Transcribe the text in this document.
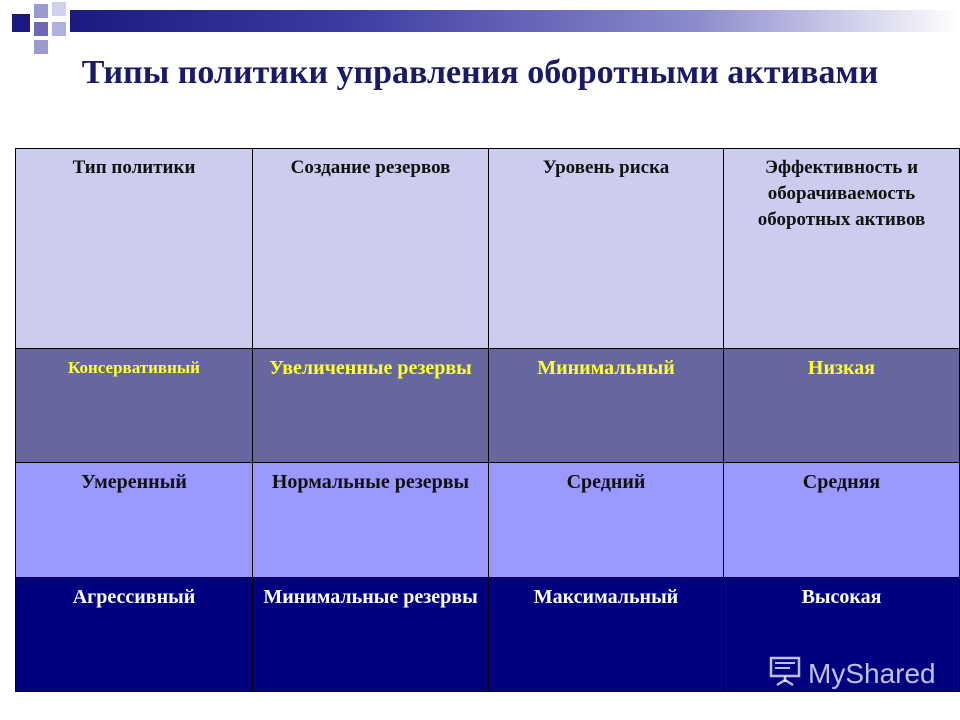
Типы политики управления оборотными активами
Тип политики	Создание резервов	Уровень риска	Эффективность и оборачиваемость оборотных активов
Консервативный	Увеличенные резервы	Минимальный	Низкая
Умеренный	Нормальные резервы	Средний	Средняя
Агрессивный	Минимальные резервы	Максимальный	Высокая
MyShared
